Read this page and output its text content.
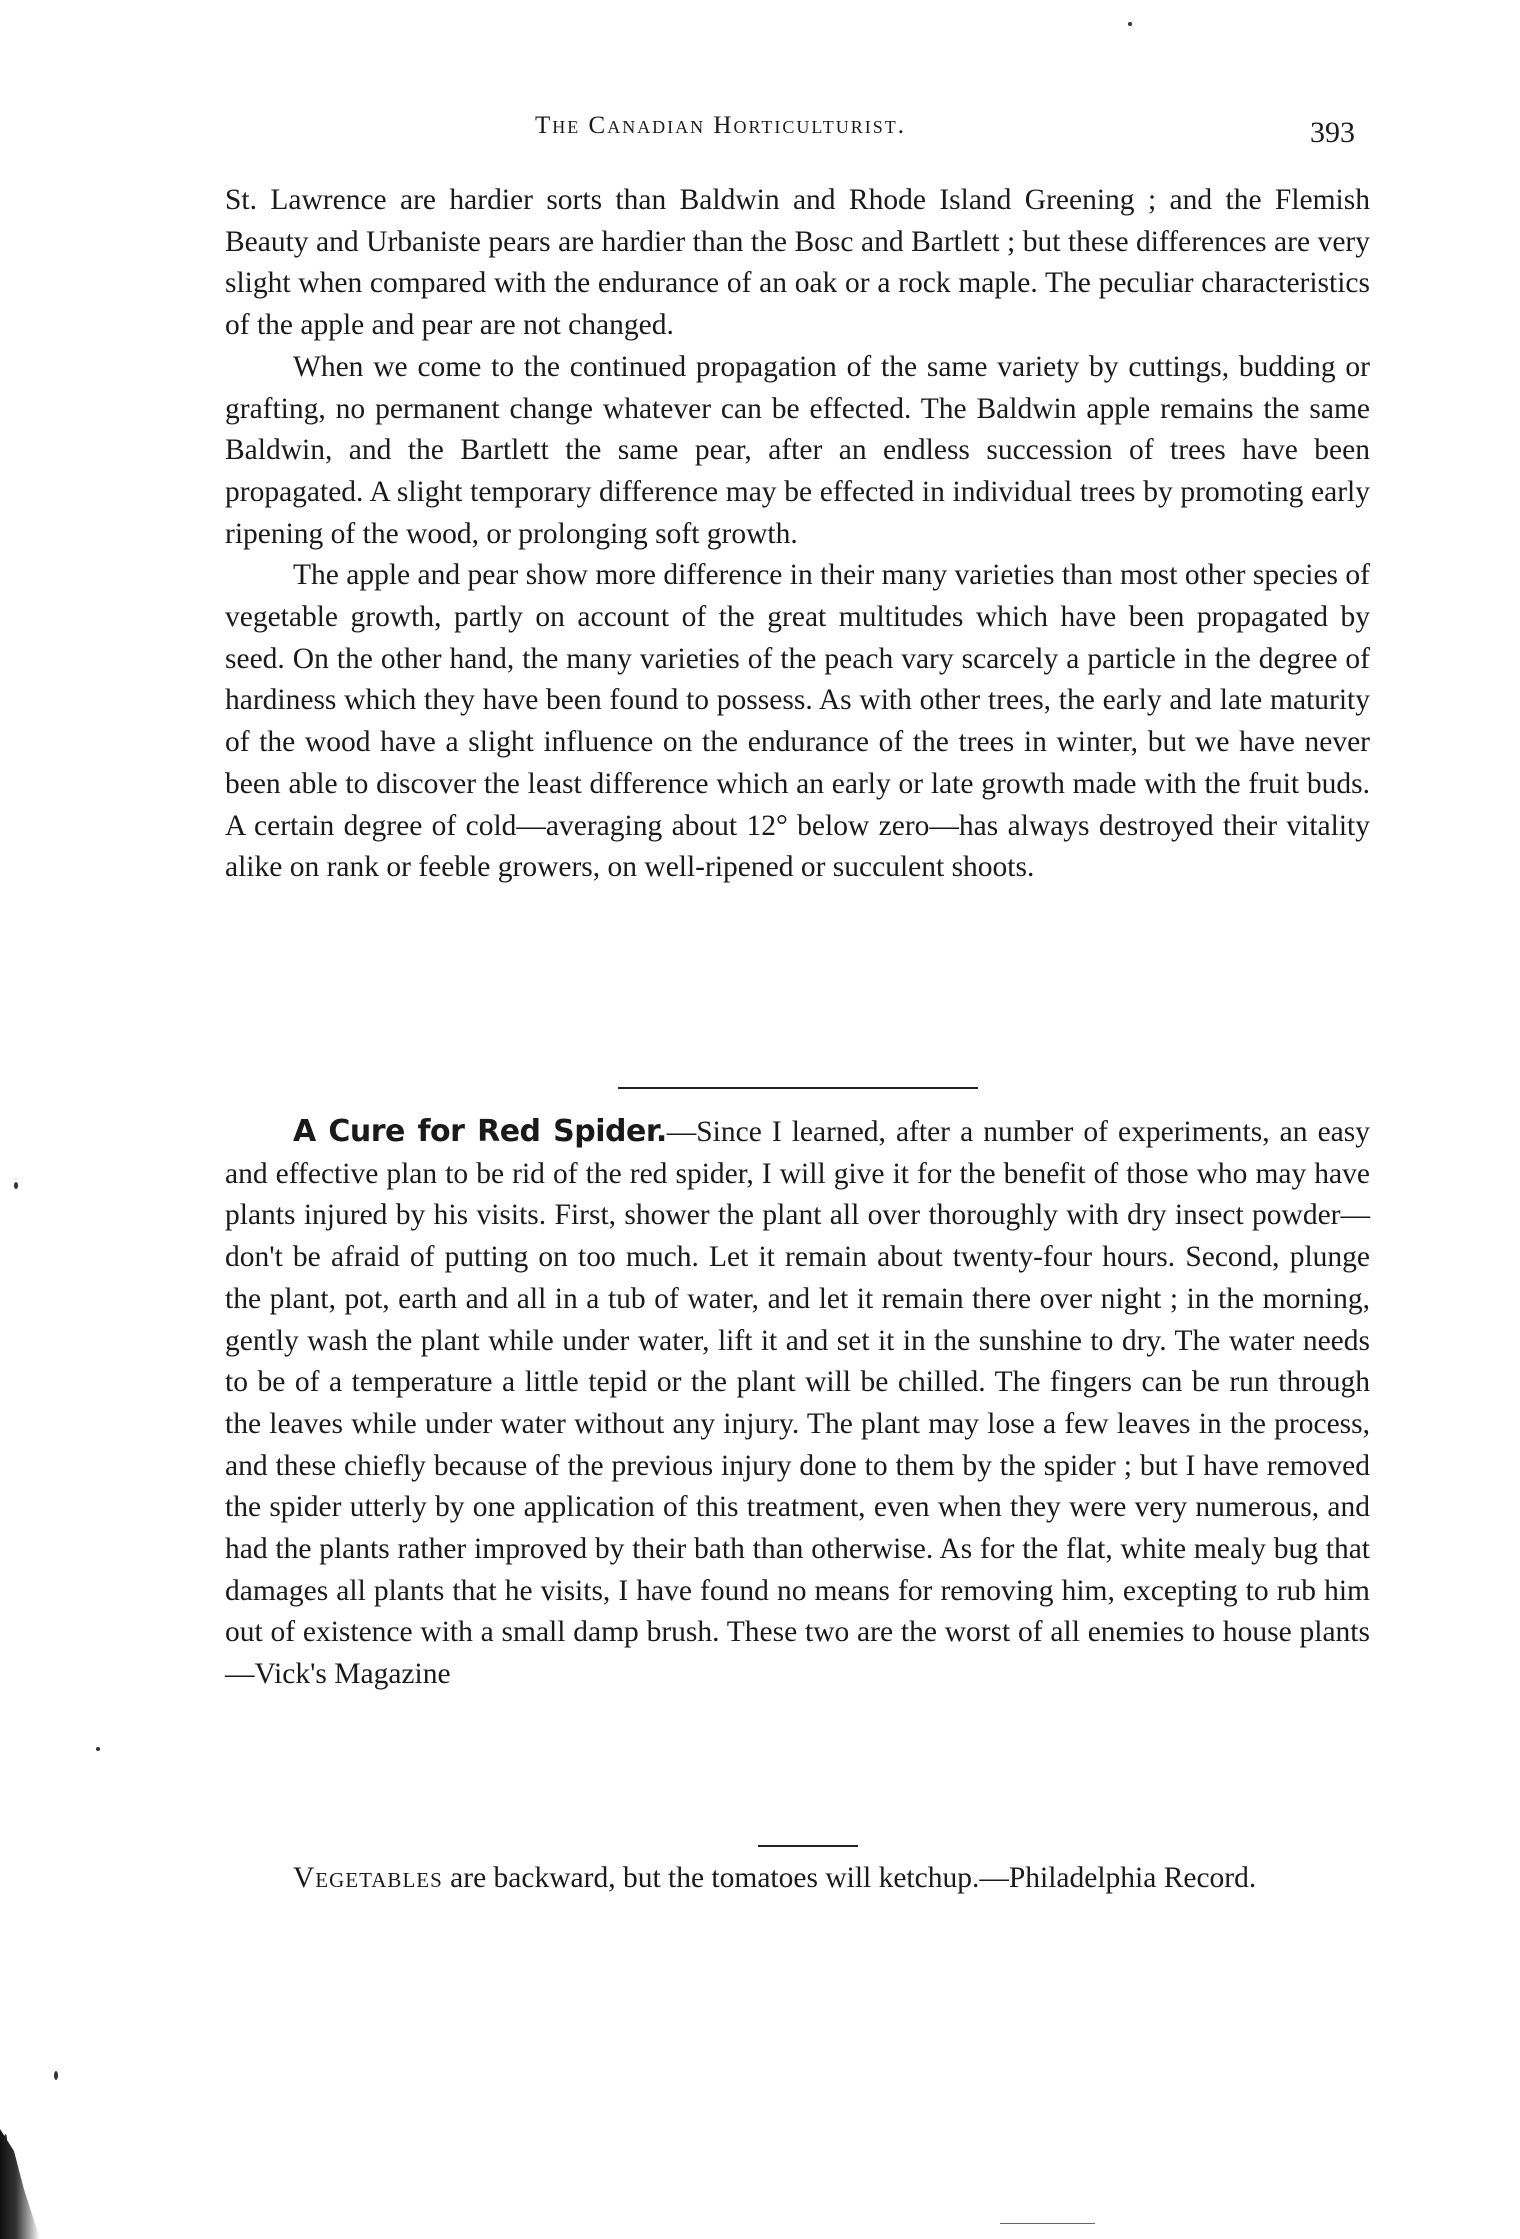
The Canadian Horticulturist.	393

St. Lawrence are hardier sorts than Baldwin and Rhode Island Greening ; and the Flemish Beauty and Urbaniste pears are hardier than the Bosc and Bartlett ; but these differences are very slight when compared with the endurance of an oak or a rock maple. The peculiar characteristics of the apple and pear are not changed.

When we come to the continued propagation of the same variety by cuttings, budding or grafting, no permanent change whatever can be effected. The Baldwin apple remains the same Baldwin, and the Bartlett the same pear, after an endless succession of trees have been propagated. A slight temporary difference may be effected in individual trees by promoting early ripening of the wood, or prolonging soft growth.

The apple and pear show more difference in their many varieties than most other species of vegetable growth, partly on account of the great multitudes which have been propagated by seed. On the other hand, the many varieties of the peach vary scarcely a particle in the degree of hardiness which they have been found to possess. As with other trees, the early and late maturity of the wood have a slight influence on the endurance of the trees in winter, but we have never been able to discover the least difference which an early or late growth made with the fruit buds. A certain degree of cold—averaging about 12° below zero—has always destroyed their vitality alike on rank or feeble growers, on well-ripened or succulent shoots.

A Cure for Red Spider.—Since I learned, after a number of experiments, an easy and effective plan to be rid of the red spider, I will give it for the benefit of those who may have plants injured by his visits. First, shower the plant all over thoroughly with dry insect powder—don't be afraid of putting on too much. Let it remain about twenty-four hours. Second, plunge the plant, pot, earth and all in a tub of water, and let it remain there over night ; in the morning, gently wash the plant while under water, lift it and set it in the sunshine to dry. The water needs to be of a temperature a little tepid or the plant will be chilled. The fingers can be run through the leaves while under water without any injury. The plant may lose a few leaves in the process, and these chiefly because of the previous injury done to them by the spider ; but I have removed the spider utterly by one application of this treatment, even when they were very numerous, and had the plants rather improved by their bath than otherwise. As for the flat, white mealy bug that damages all plants that he visits, I have found no means for removing him, excepting to rub him out of existence with a small damp brush. These two are the worst of all enemies to house plants —Vick's Magazine

Vegetables are backward, but the tomatoes will ketchup.—Philadelphia Record.
